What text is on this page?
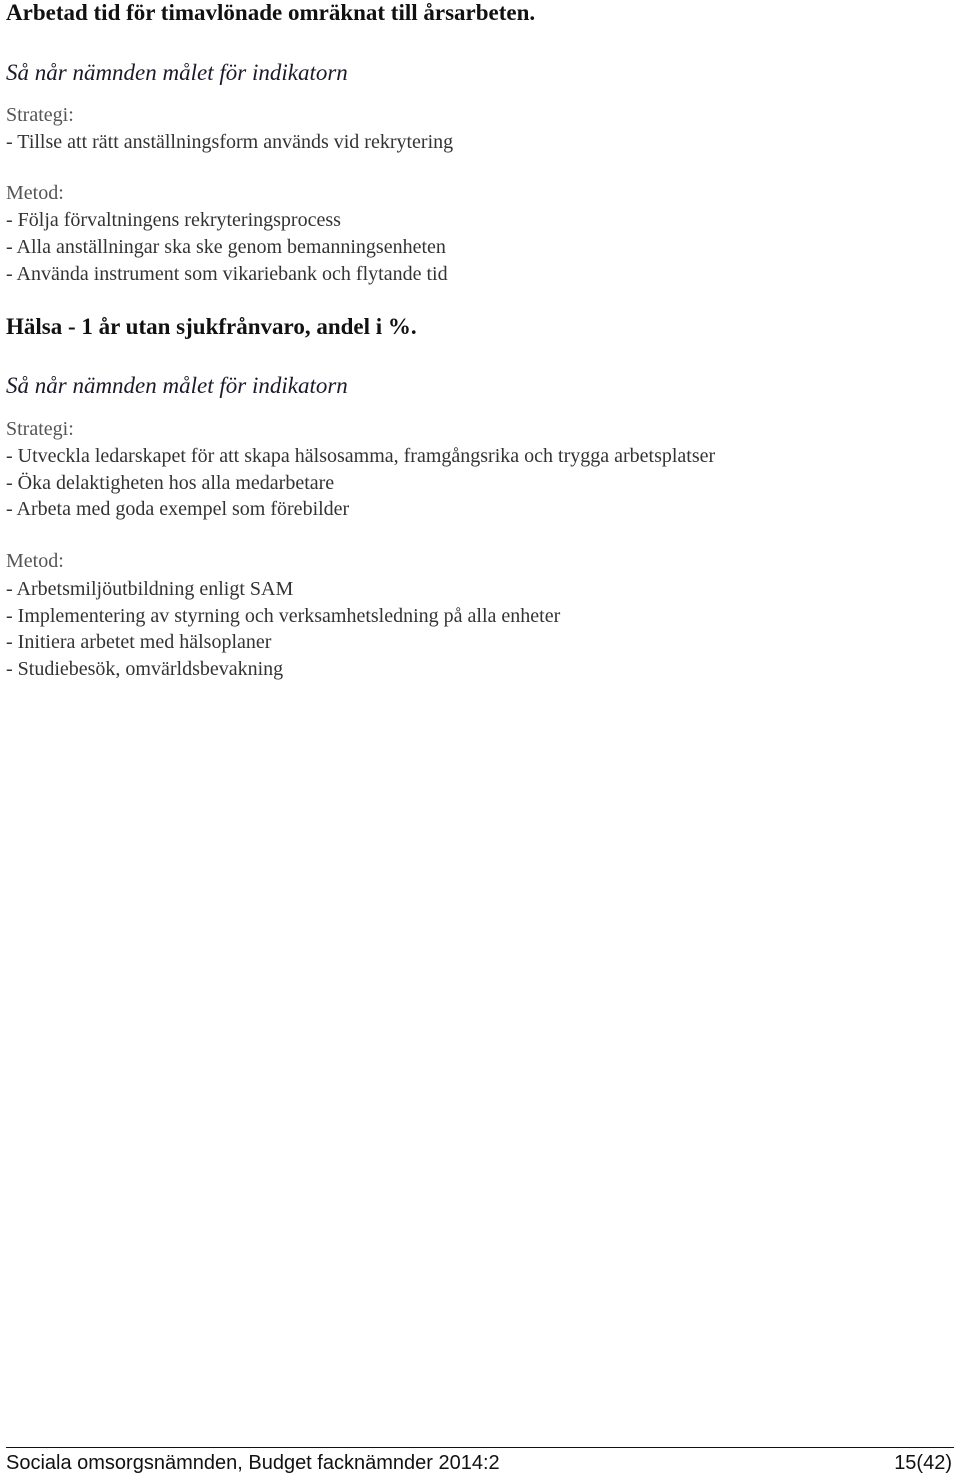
Arbetad tid för timavlönade omräknat till årsarbeten.
Så når nämnden målet för indikatorn
Strategi:
- Tillse att rätt anställningsform används vid rekrytering
Metod:
- Följa förvaltningens rekryteringsprocess
- Alla anställningar ska ske genom bemanningsenheten
- Använda instrument som vikariebank och flytande tid
Hälsa - 1 år utan sjukfrånvaro, andel i %.
Så når nämnden målet för indikatorn
Strategi:
- Utveckla ledarskapet för att skapa hälsosamma, framgångsrika och trygga arbetsplatser
- Öka delaktigheten hos alla medarbetare
- Arbeta med goda exempel som förebilder
Metod:
- Arbetsmiljöutbildning enligt SAM
- Implementering av styrning och verksamhetsledning på alla enheter
- Initiera arbetet med hälsoplaner
- Studiebesök, omvärldsbevakning
Sociala omsorgsnämnden, Budget facknämnder 2014:2	15(42)
